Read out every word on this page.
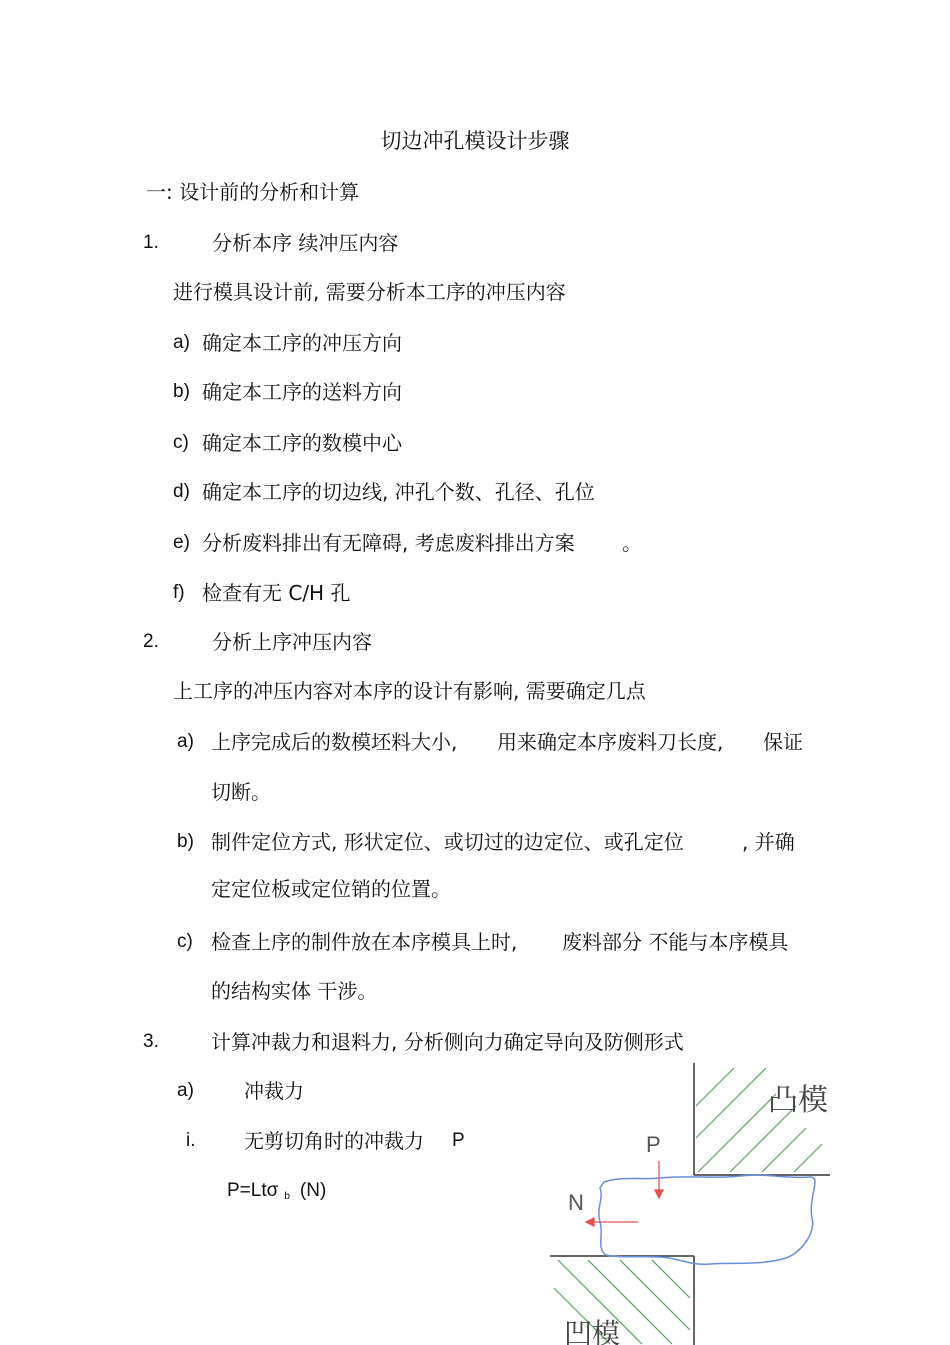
切边冲孔模设计步骤
一: 设计前的分析和计算
1.	分析本序 续冲压内容
进行模具设计前, 需要分析本工序的冲压内容
a) 确定本工序的冲压方向
b) 确定本工序的送料方向
c) 确定本工序的数模中心
d) 确定本工序的切边线, 冲孔个数、孔径、孔位
e) 分析废料排出有无障碍, 考虑废料排出方案 。
f) 检查有无 C/H 孔
2.	分析上序冲压内容
上工序的冲压内容对本序的设计有影响, 需要确定几点
a) 上序完成后的数模坯料大小, 用来确定本序废料刀长度, 保证
切断。
b) 制件定位方式, 形状定位、或切过的边定位、或孔定位	, 并确
定定位板或定位销的位置。
c) 检查上序的制件放在本序模具上时, 废料部分 不能与本序模具
的结构实体 干涉。
3.	计算冲裁力和退料力, 分析侧向力确定导向及防侧形式
a)	冲裁力
i. 无剪切角时的冲裁力 P
P=Ltσ b (N)
凸模
凹模
P
N
